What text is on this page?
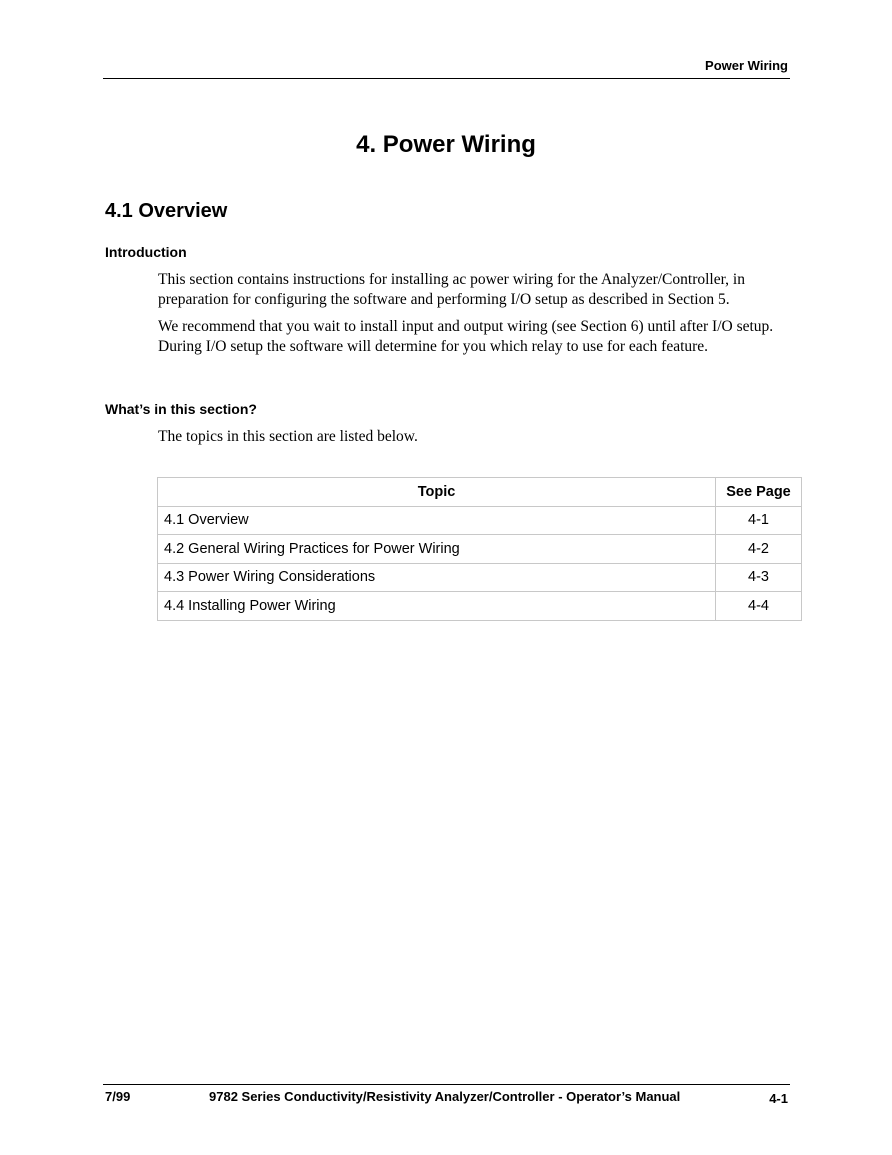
Power Wiring
4. Power Wiring
4.1 Overview
Introduction
This section contains instructions for installing ac power wiring for the Analyzer/Controller, in preparation for configuring the software and performing I/O setup as described in Section 5.
We recommend that you wait to install input and output wiring (see Section 6) until after I/O setup. During I/O setup the software will determine for you which relay to use for each feature.
What’s in this section?
The topics in this section are listed below.
Topic	See Page
4.1 Overview	4-1
4.2 General Wiring Practices for Power Wiring	4-2
4.3 Power Wiring Considerations	4-3
4.4 Installing Power Wiring	4-4
7/99	9782 Series Conductivity/Resistivity Analyzer/Controller - Operator’s Manual	4-1
